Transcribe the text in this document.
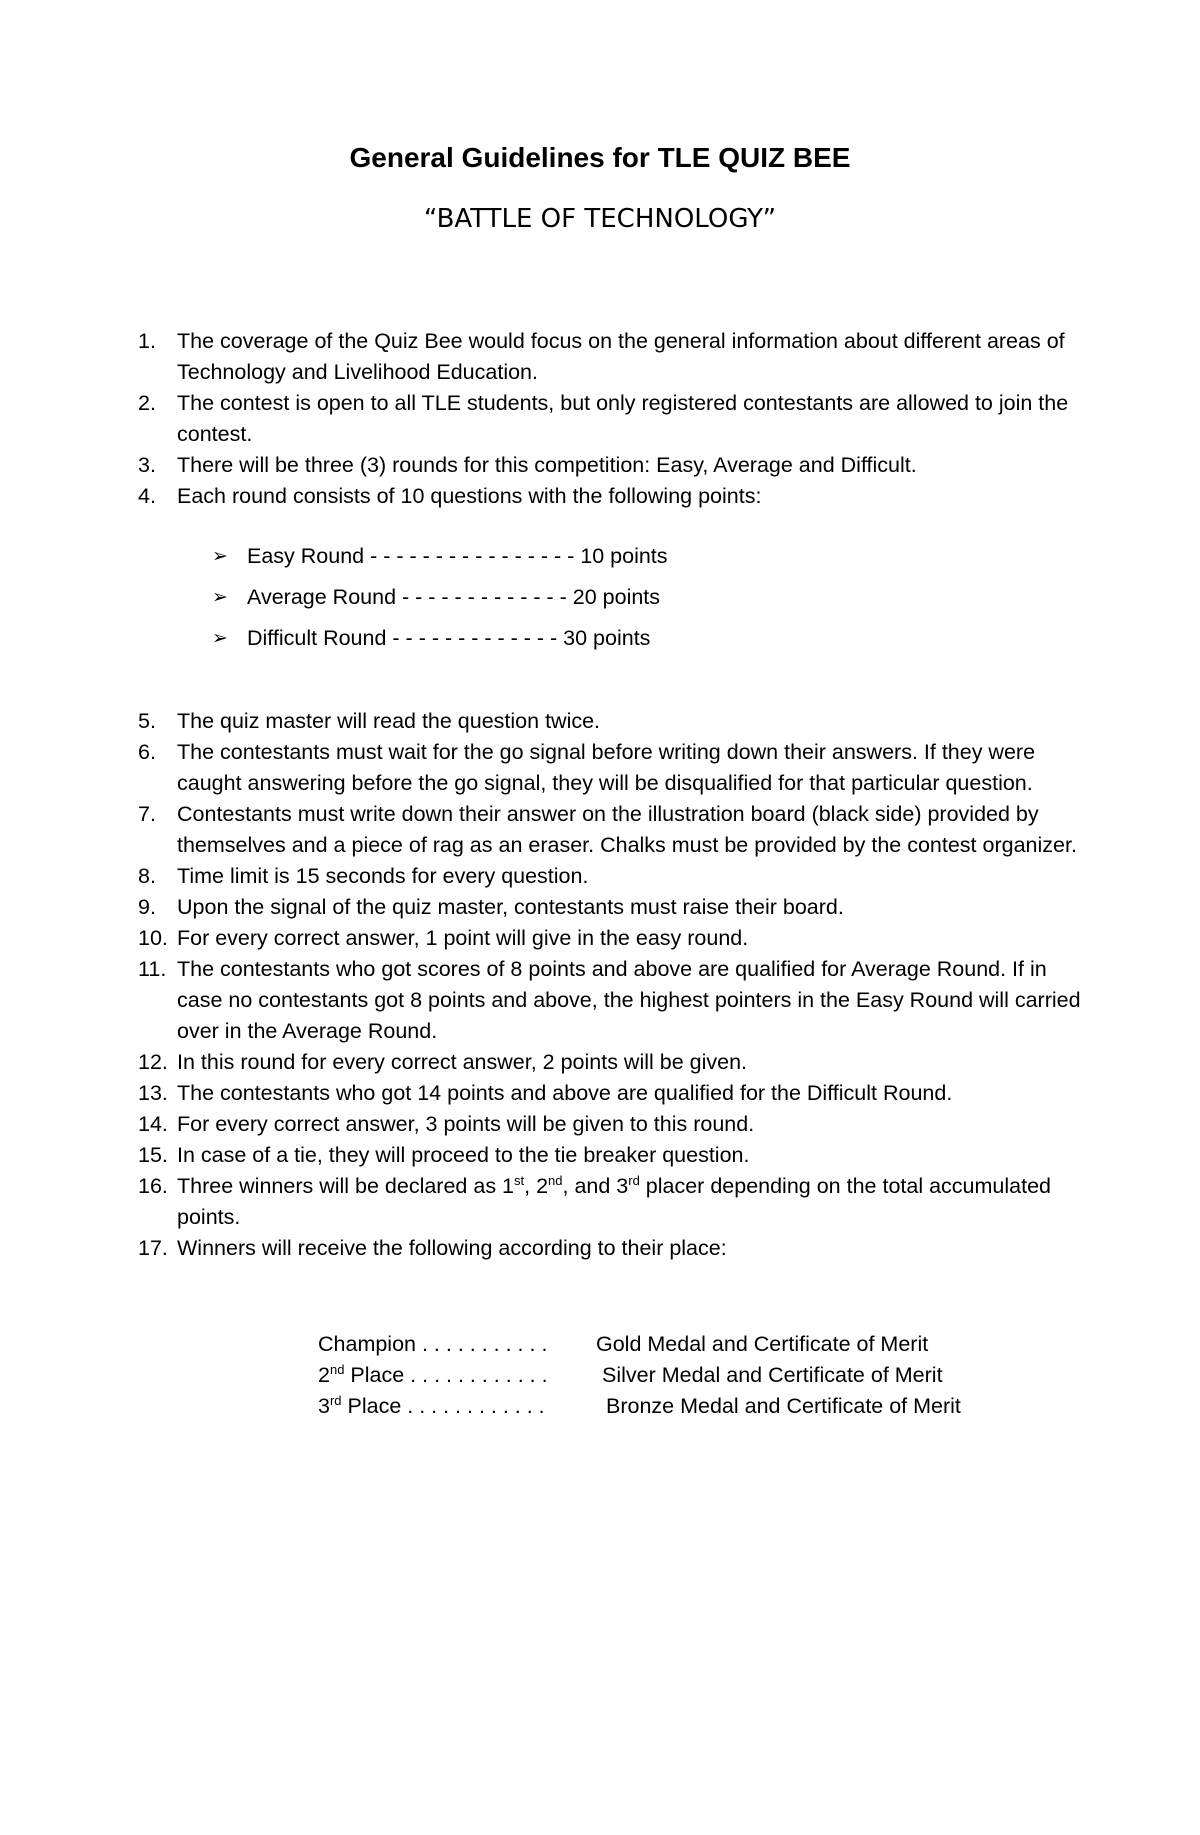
General Guidelines for TLE QUIZ BEE
“BATTLE OF TECHNOLOGY”
1. The coverage of the Quiz Bee would focus on the general information about different areas of Technology and Livelihood Education.
2. The contest is open to all TLE students, but only registered contestants are allowed to join the contest.
3. There will be three (3) rounds for this competition: Easy, Average and Difficult.
4. Each round consists of 10 questions with the following points:
➢ Easy Round - - - - - - - - - - - - - - - - 10 points
➢ Average Round - - - - - - - - - - - - - 20 points
➢ Difficult Round - - - - - - - - - - - - - 30 points
5. The quiz master will read the question twice.
6. The contestants must wait for the go signal before writing down their answers. If they were caught answering before the go signal, they will be disqualified for that particular question.
7. Contestants must write down their answer on the illustration board (black side) provided by themselves and a piece of rag as an eraser. Chalks must be provided by the contest organizer.
8. Time limit is 15 seconds for every question.
9. Upon the signal of the quiz master, contestants must raise their board.
10. For every correct answer, 1 point will give in the easy round.
11. The contestants who got scores of 8 points and above are qualified for Average Round. If in case no contestants got 8 points and above, the highest pointers in the Easy Round will carried over in the Average Round.
12. In this round for every correct answer, 2 points will be given.
13. The contestants who got 14 points and above are qualified for the Difficult Round.
14. For every correct answer, 3 points will be given to this round.
15. In case of a tie, they will proceed to the tie breaker question.
16. Three winners will be declared as 1st, 2nd, and 3rd placer depending on the total accumulated points.
17. Winners will receive the following according to their place:
Champion . . . . . . . . . . . Gold Medal and Certificate of Merit
2nd Place . . . . . . . . . . . .	Silver Medal and Certificate of Merit
3rd Place . . . . . . . . . . . .	Bronze Medal and Certificate of Merit
